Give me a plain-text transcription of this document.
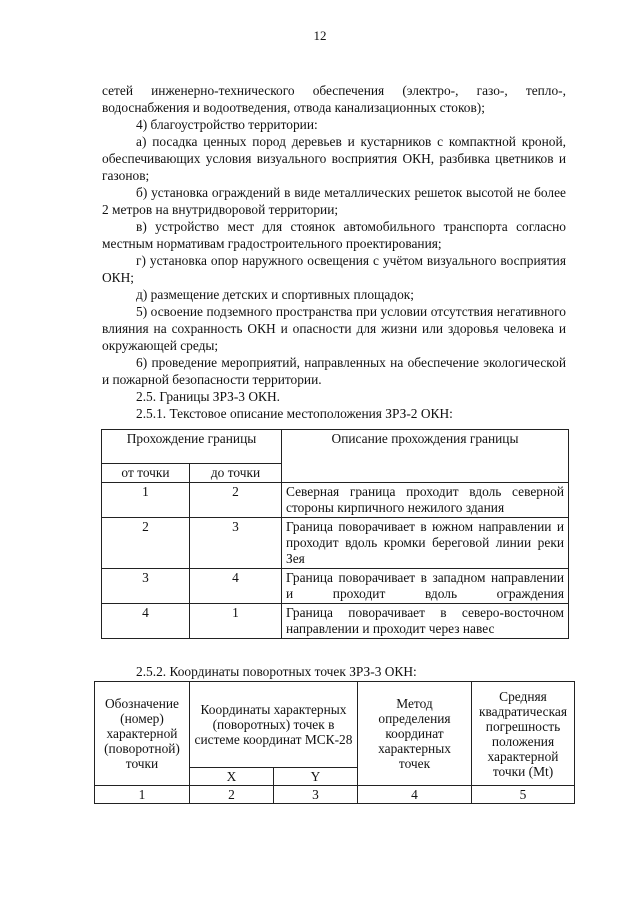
12

сетей инженерно-технического обеспечения (электро-, газо-, тепло-,

водоснабжения и водоотведения, отвода канализационных стоков);

4) благоустройство территории:

а) посадка ценных пород деревьев и кустарников с компактной кроной, обеспечивающих условия визуального восприятия ОКН, разбивка цветников и газонов;

б) установка ограждений в виде металлических решеток высотой не более 2 метров на внутридворовой территории;

в) устройство мест для стоянок автомобильного транспорта согласно местным нормативам градостроительного проектирования;

г) установка опор наружного освещения с учётом визуального восприятия ОКН;

д) размещение детских и спортивных площадок;

5) освоение подземного пространства при условии отсутствия негативного влияния на сохранность ОКН и опасности для жизни или здоровья человека и окружающей среды;

6) проведение мероприятий, направленных на обеспечение экологической и пожарной безопасности территории.

2.5. Границы ЗРЗ-3 ОКН.

2.5.1. Текстовое описание местоположения ЗРЗ-2 ОКН:

Прохождение границы		Описание прохождения границы
от точки	до точки	
1	2	Северная граница проходит вдоль северной стороны кирпичного нежилого здания
2	3	Граница поворачивает в южном направлении и проходит вдоль кромки береговой линии реки Зея
3	4	Граница поворачивает в западном направлении и проходит вдоль ограждения
4	1	Граница поворачивает в северо-восточном направлении и проходит через навес
2.5.2. Координаты поворотных точек ЗРЗ-3 ОКН:
Обозначение (номер) характерной (поворотной) точки	Координаты характерных (поворотных) точек в системе координат МСК-28		Метод определения координат характерных точек	Средняя квадратическая погрешность положения характерной точки (Mt)
	X	Y		
1	2	3	4	5
